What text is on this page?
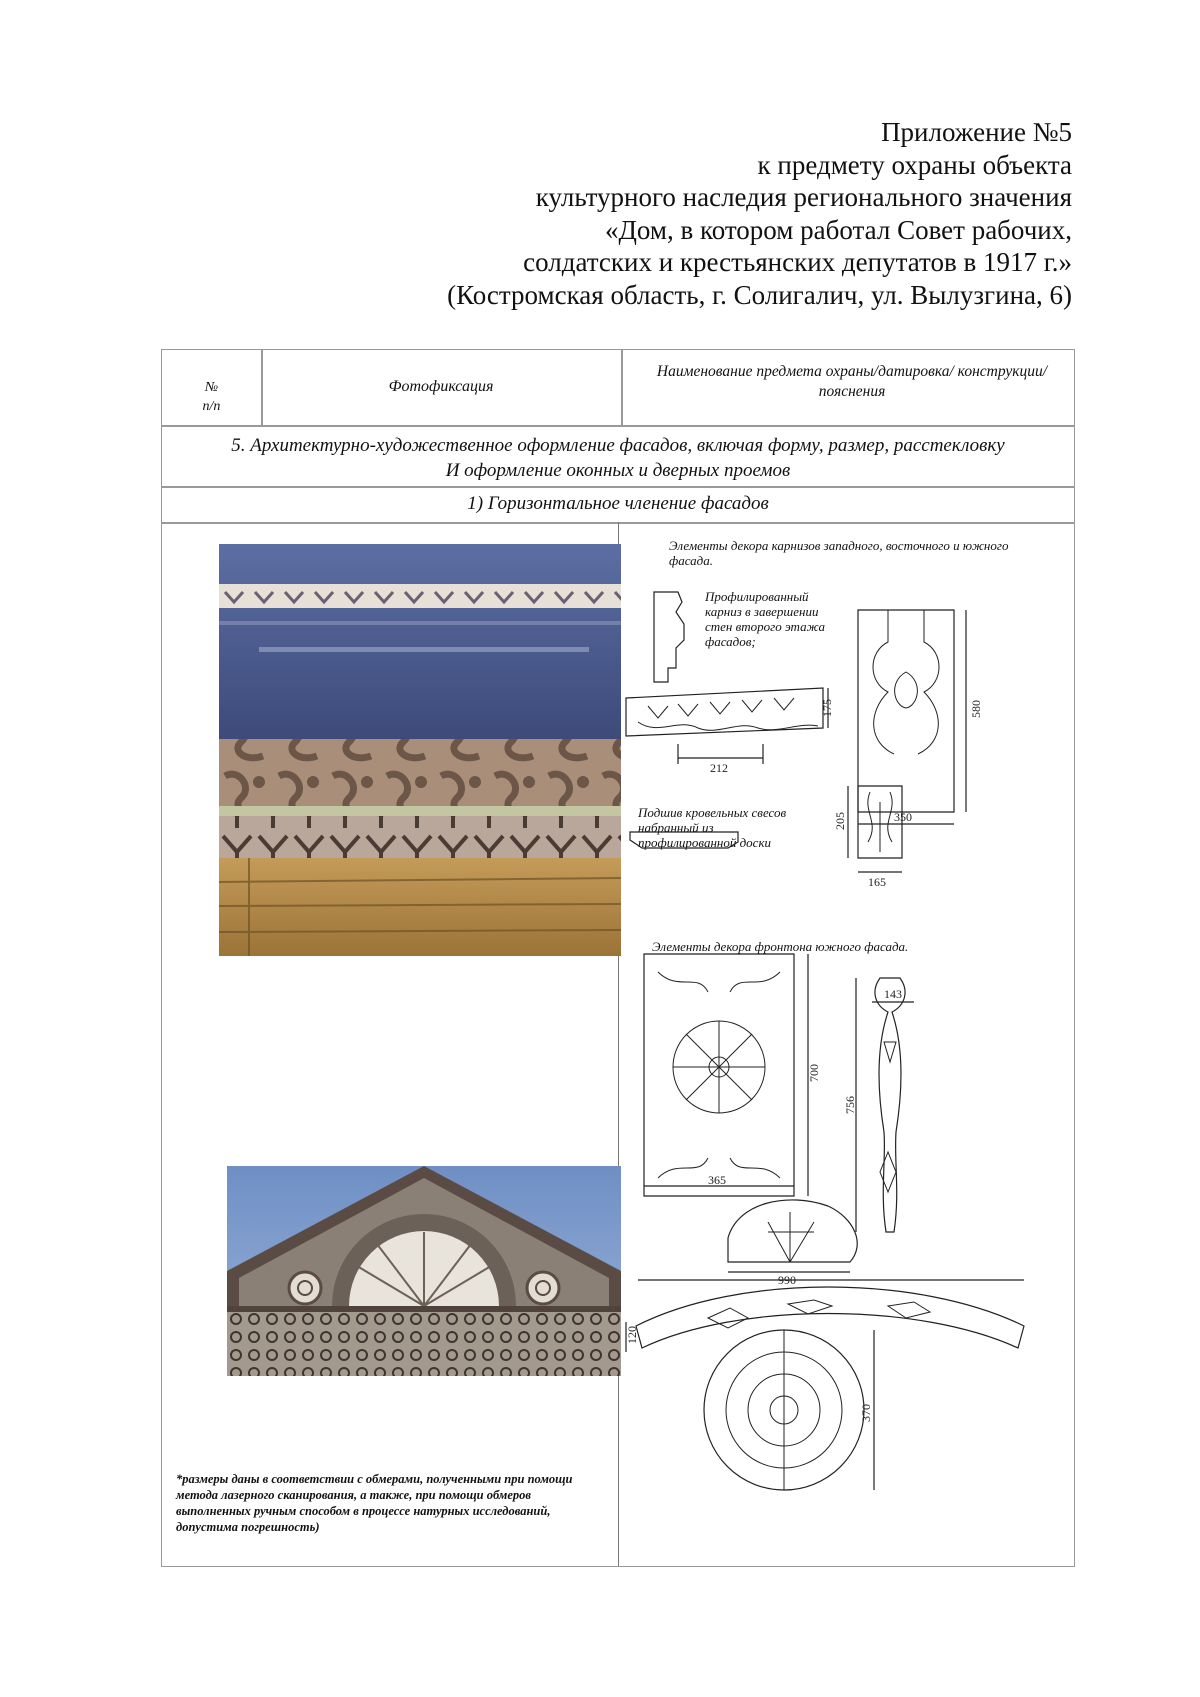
Приложение №5
к предмету охраны объекта
культурного наследия регионального значения
«Дом, в котором работал Совет рабочих,
солдатских и крестьянских депутатов в 1917 г.»
(Костромская область, г. Солигалич, ул. Вылузгина, 6)
№
п/п
Фотофиксация
Наименование предмета охраны/датировка/ конструкции/пояснения
5. Архитектурно-художественное оформление фасадов, включая форму, размер, расстекловку
И оформление оконных и дверных проемов
1) Горизонтальное членение фасадов
Элементы декора карнизов западного, восточного и южного фасада.
Профилированный карниз в завершении стен второго этажа фасадов;
Подшив кровельных свесов набранный из профилированной доски
Элементы декора фронтона южного фасада.
175
212
580
350
205
165
700
365
756
143
990
120
370
*размеры даны в соответствии с обмерами, полученными при помощи метода лазерного сканирования, а также, при помощи обмеров выполненных ручным способом в процессе натурных исследований, допустима погрешность)
